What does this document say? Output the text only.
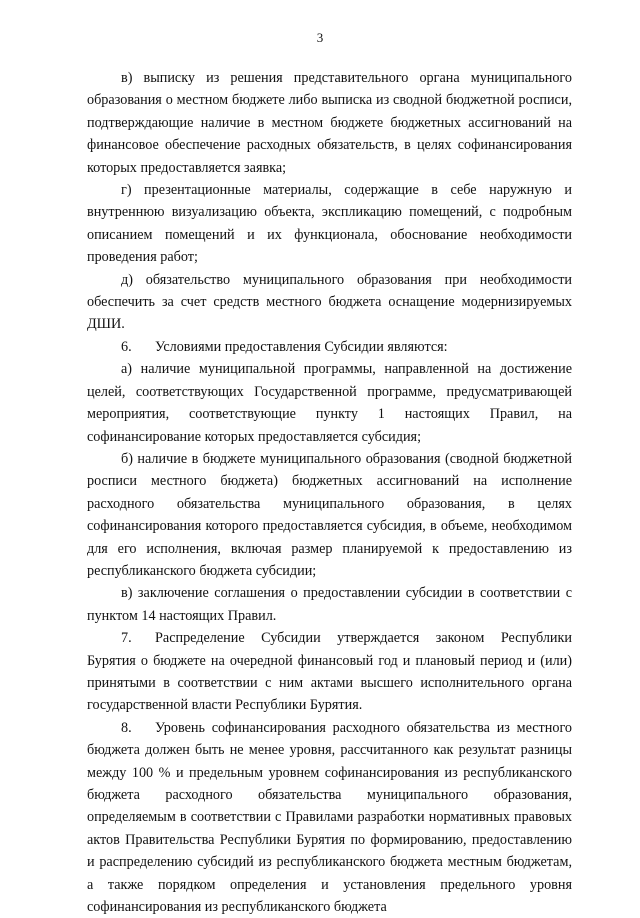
3

в) выписку из решения представительного органа муниципального образования о местном бюджете либо выписка из сводной бюджетной росписи, подтверждающие наличие в местном бюджете бюджетных ассигнований на финансовое обеспечение расходных обязательств, в целях софинансирования которых предоставляется заявка;

г) презентационные материалы, содержащие в себе наружную и внутреннюю визуализацию объекта, экспликацию помещений, с подробным описанием помещений и их функционала, обоснование необходимости проведения работ;

д) обязательство муниципального образования при необходимости обеспечить за счет средств местного бюджета оснащение модернизируемых ДШИ.

6. Условиями предоставления Субсидии являются:

а) наличие муниципальной программы, направленной на достижение целей, соответствующих Государственной программе, предусматривающей мероприятия, соответствующие пункту 1 настоящих Правил, на софинансирование которых предоставляется субсидия;

б) наличие в бюджете муниципального образования (сводной бюджетной росписи местного бюджета) бюджетных ассигнований на исполнение расходного обязательства муниципального образования, в целях софинансирования которого предоставляется субсидия, в объеме, необходимом для его исполнения, включая размер планируемой к предоставлению из республиканского бюджета субсидии;

в) заключение соглашения о предоставлении субсидии в соответствии с пунктом 14 настоящих Правил.

7. Распределение Субсидии утверждается законом Республики Бурятия о бюджете на очередной финансовый год и плановый период и (или) принятыми в соответствии с ним актами высшего исполнительного органа государственной власти Республики Бурятия.

8. Уровень софинансирования расходного обязательства из местного бюджета должен быть не менее уровня, рассчитанного как результат разницы между 100 % и предельным уровнем софинансирования из республиканского бюджета расходного обязательства муниципального образования, определяемым в соответствии с Правилами разработки нормативных правовых актов Правительства Республики Бурятия по формированию, предоставлению и распределению субсидий из республиканского бюджета местным бюджетам, а также порядком определения и установления предельного уровня софинансирования из республиканского бюджета
